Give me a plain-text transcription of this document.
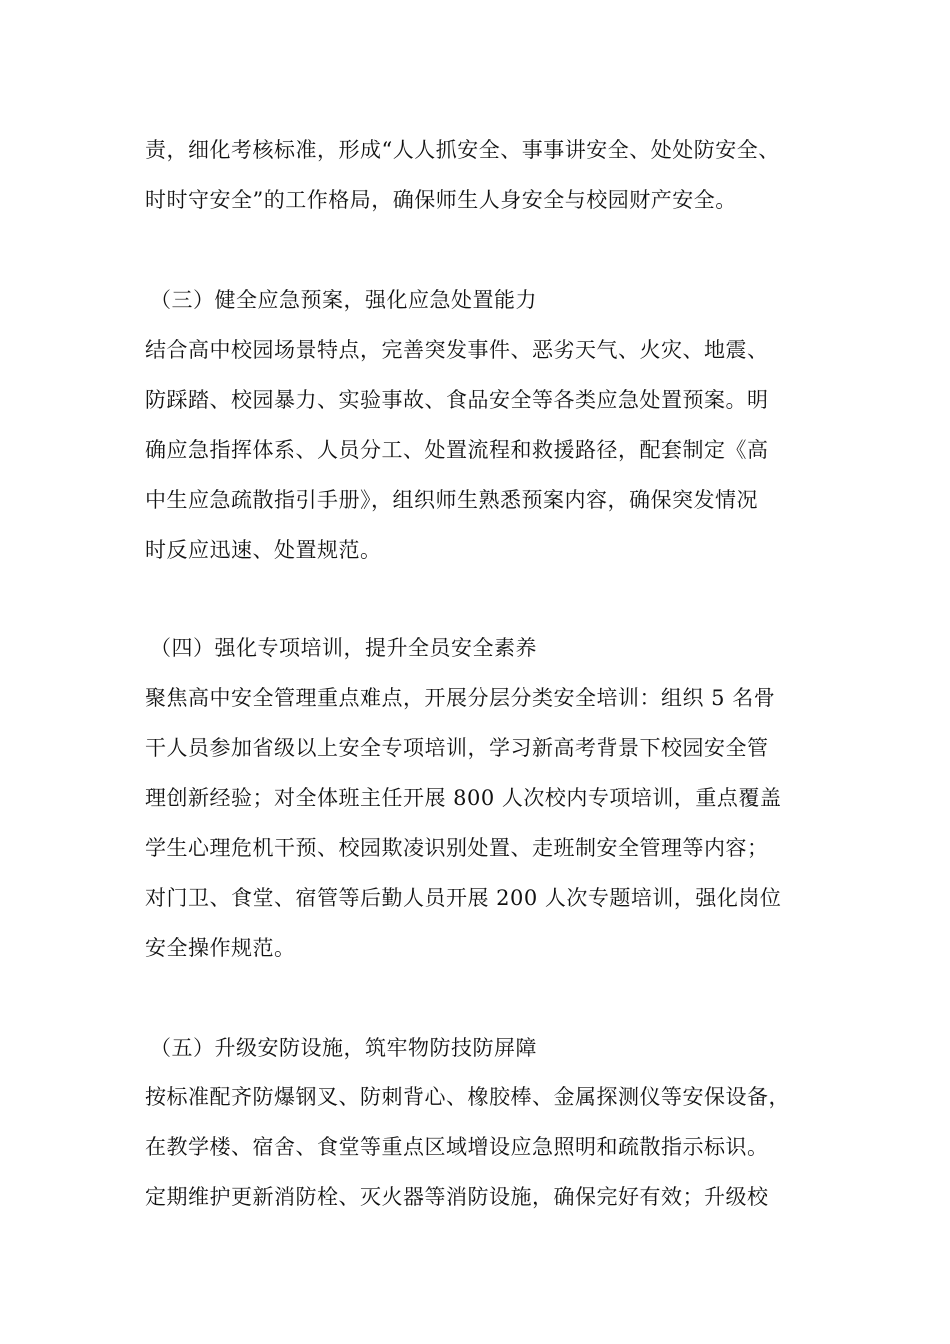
责，细化考核标准，形成“人人抓安全、事事讲安全、处处防安全、
时时守安全”的工作格局，确保师生人身安全与校园财产安全。
（三）健全应急预案，强化应急处置能力
结合高中校园场景特点，完善突发事件、恶劣天气、火灾、地震、
防踩踏、校园暴力、实验事故、食品安全等各类应急处置预案。明
确应急指挥体系、人员分工、处置流程和救援路径，配套制定《高
中生应急疏散指引手册》，组织师生熟悉预案内容，确保突发情况
时反应迅速、处置规范。
（四）强化专项培训，提升全员安全素养
聚焦高中安全管理重点难点，开展分层分类安全培训：组织 5 名骨
干人员参加省级以上安全专项培训，学习新高考背景下校园安全管
理创新经验；对全体班主任开展 800 人次校内专项培训，重点覆盖
学生心理危机干预、校园欺凌识别处置、走班制安全管理等内容；
对门卫、食堂、宿管等后勤人员开展 200 人次专题培训，强化岗位
安全操作规范。
（五）升级安防设施，筑牢物防技防屏障
按标准配齐防爆钢叉、防刺背心、橡胶棒、金属探测仪等安保设备，
在教学楼、宿舍、食堂等重点区域增设应急照明和疏散指示标识。
定期维护更新消防栓、灭火器等消防设施，确保完好有效；升级校
